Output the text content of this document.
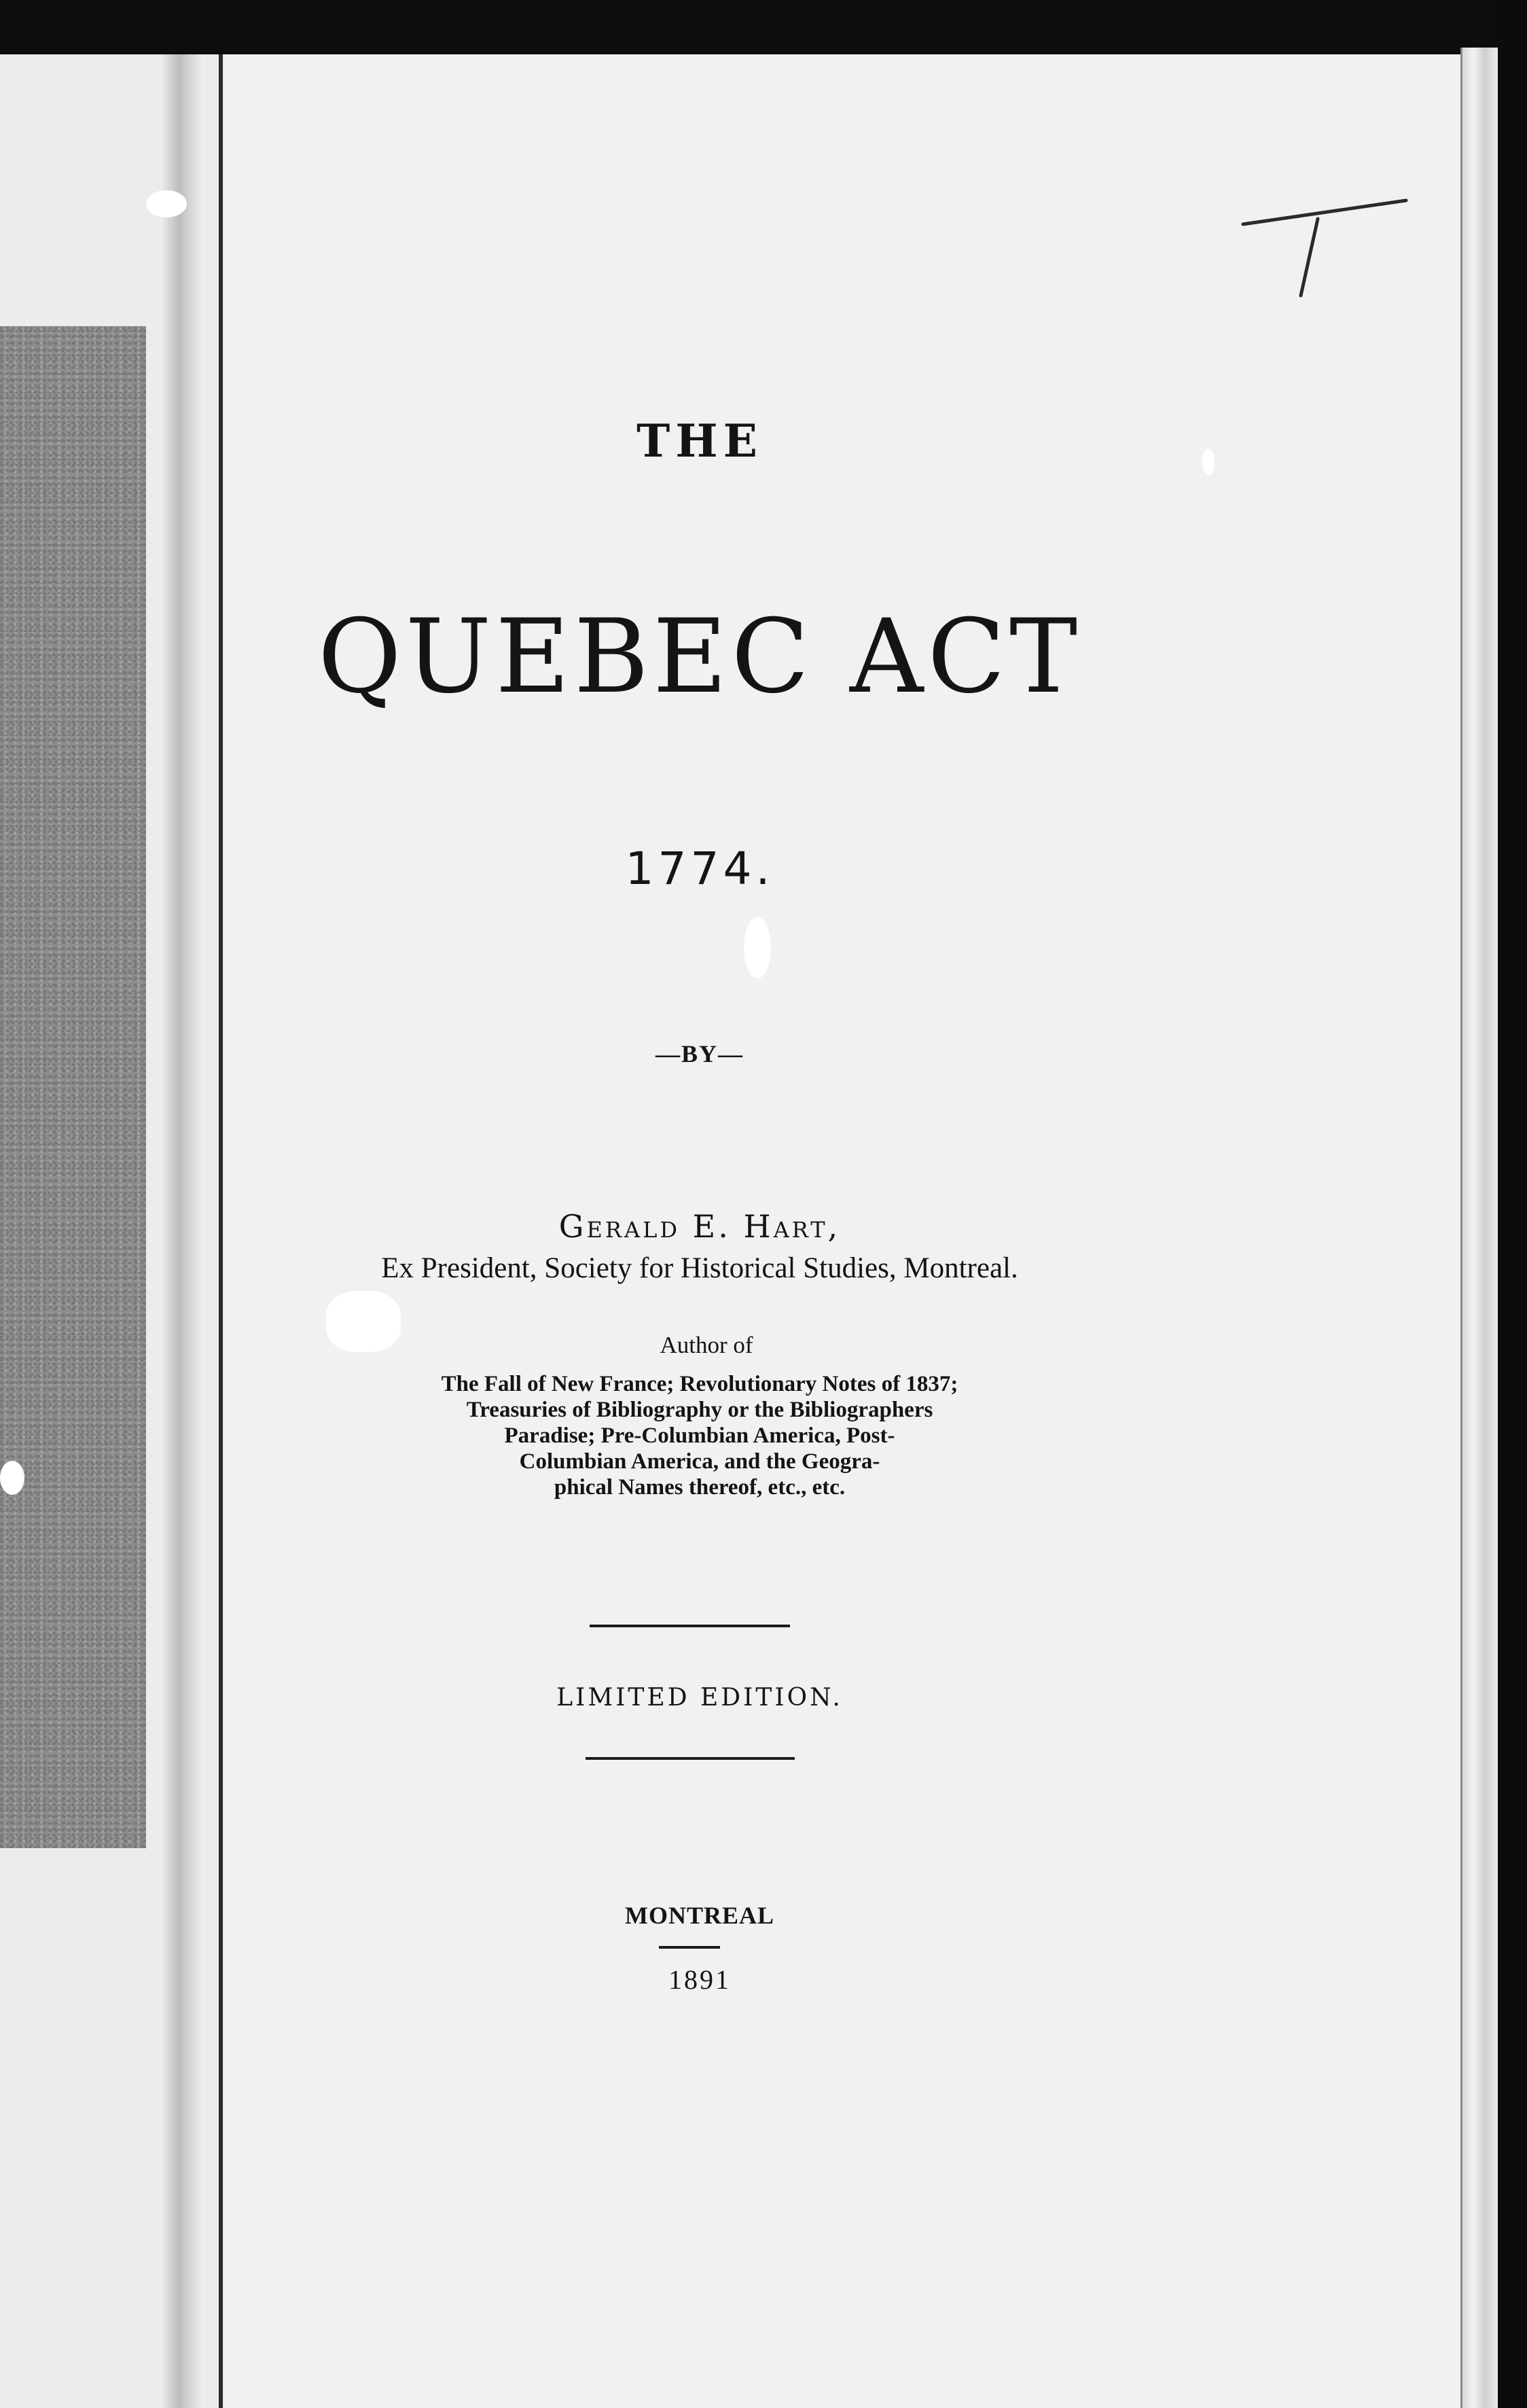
THE
QUEBEC ACT
1774.
—BY—
Gerald E. Hart,
Ex President, Society for Historical Studies, Montreal.
Author of
The Fall of New France; Revolutionary Notes of 1837;
Treasuries of Bibliography or the Bibliographers
Paradise; Pre-Columbian America, Post-
Columbian America, and the Geogra-
phical Names thereof, etc., etc.
LIMITED EDITION.
MONTREAL
1891
